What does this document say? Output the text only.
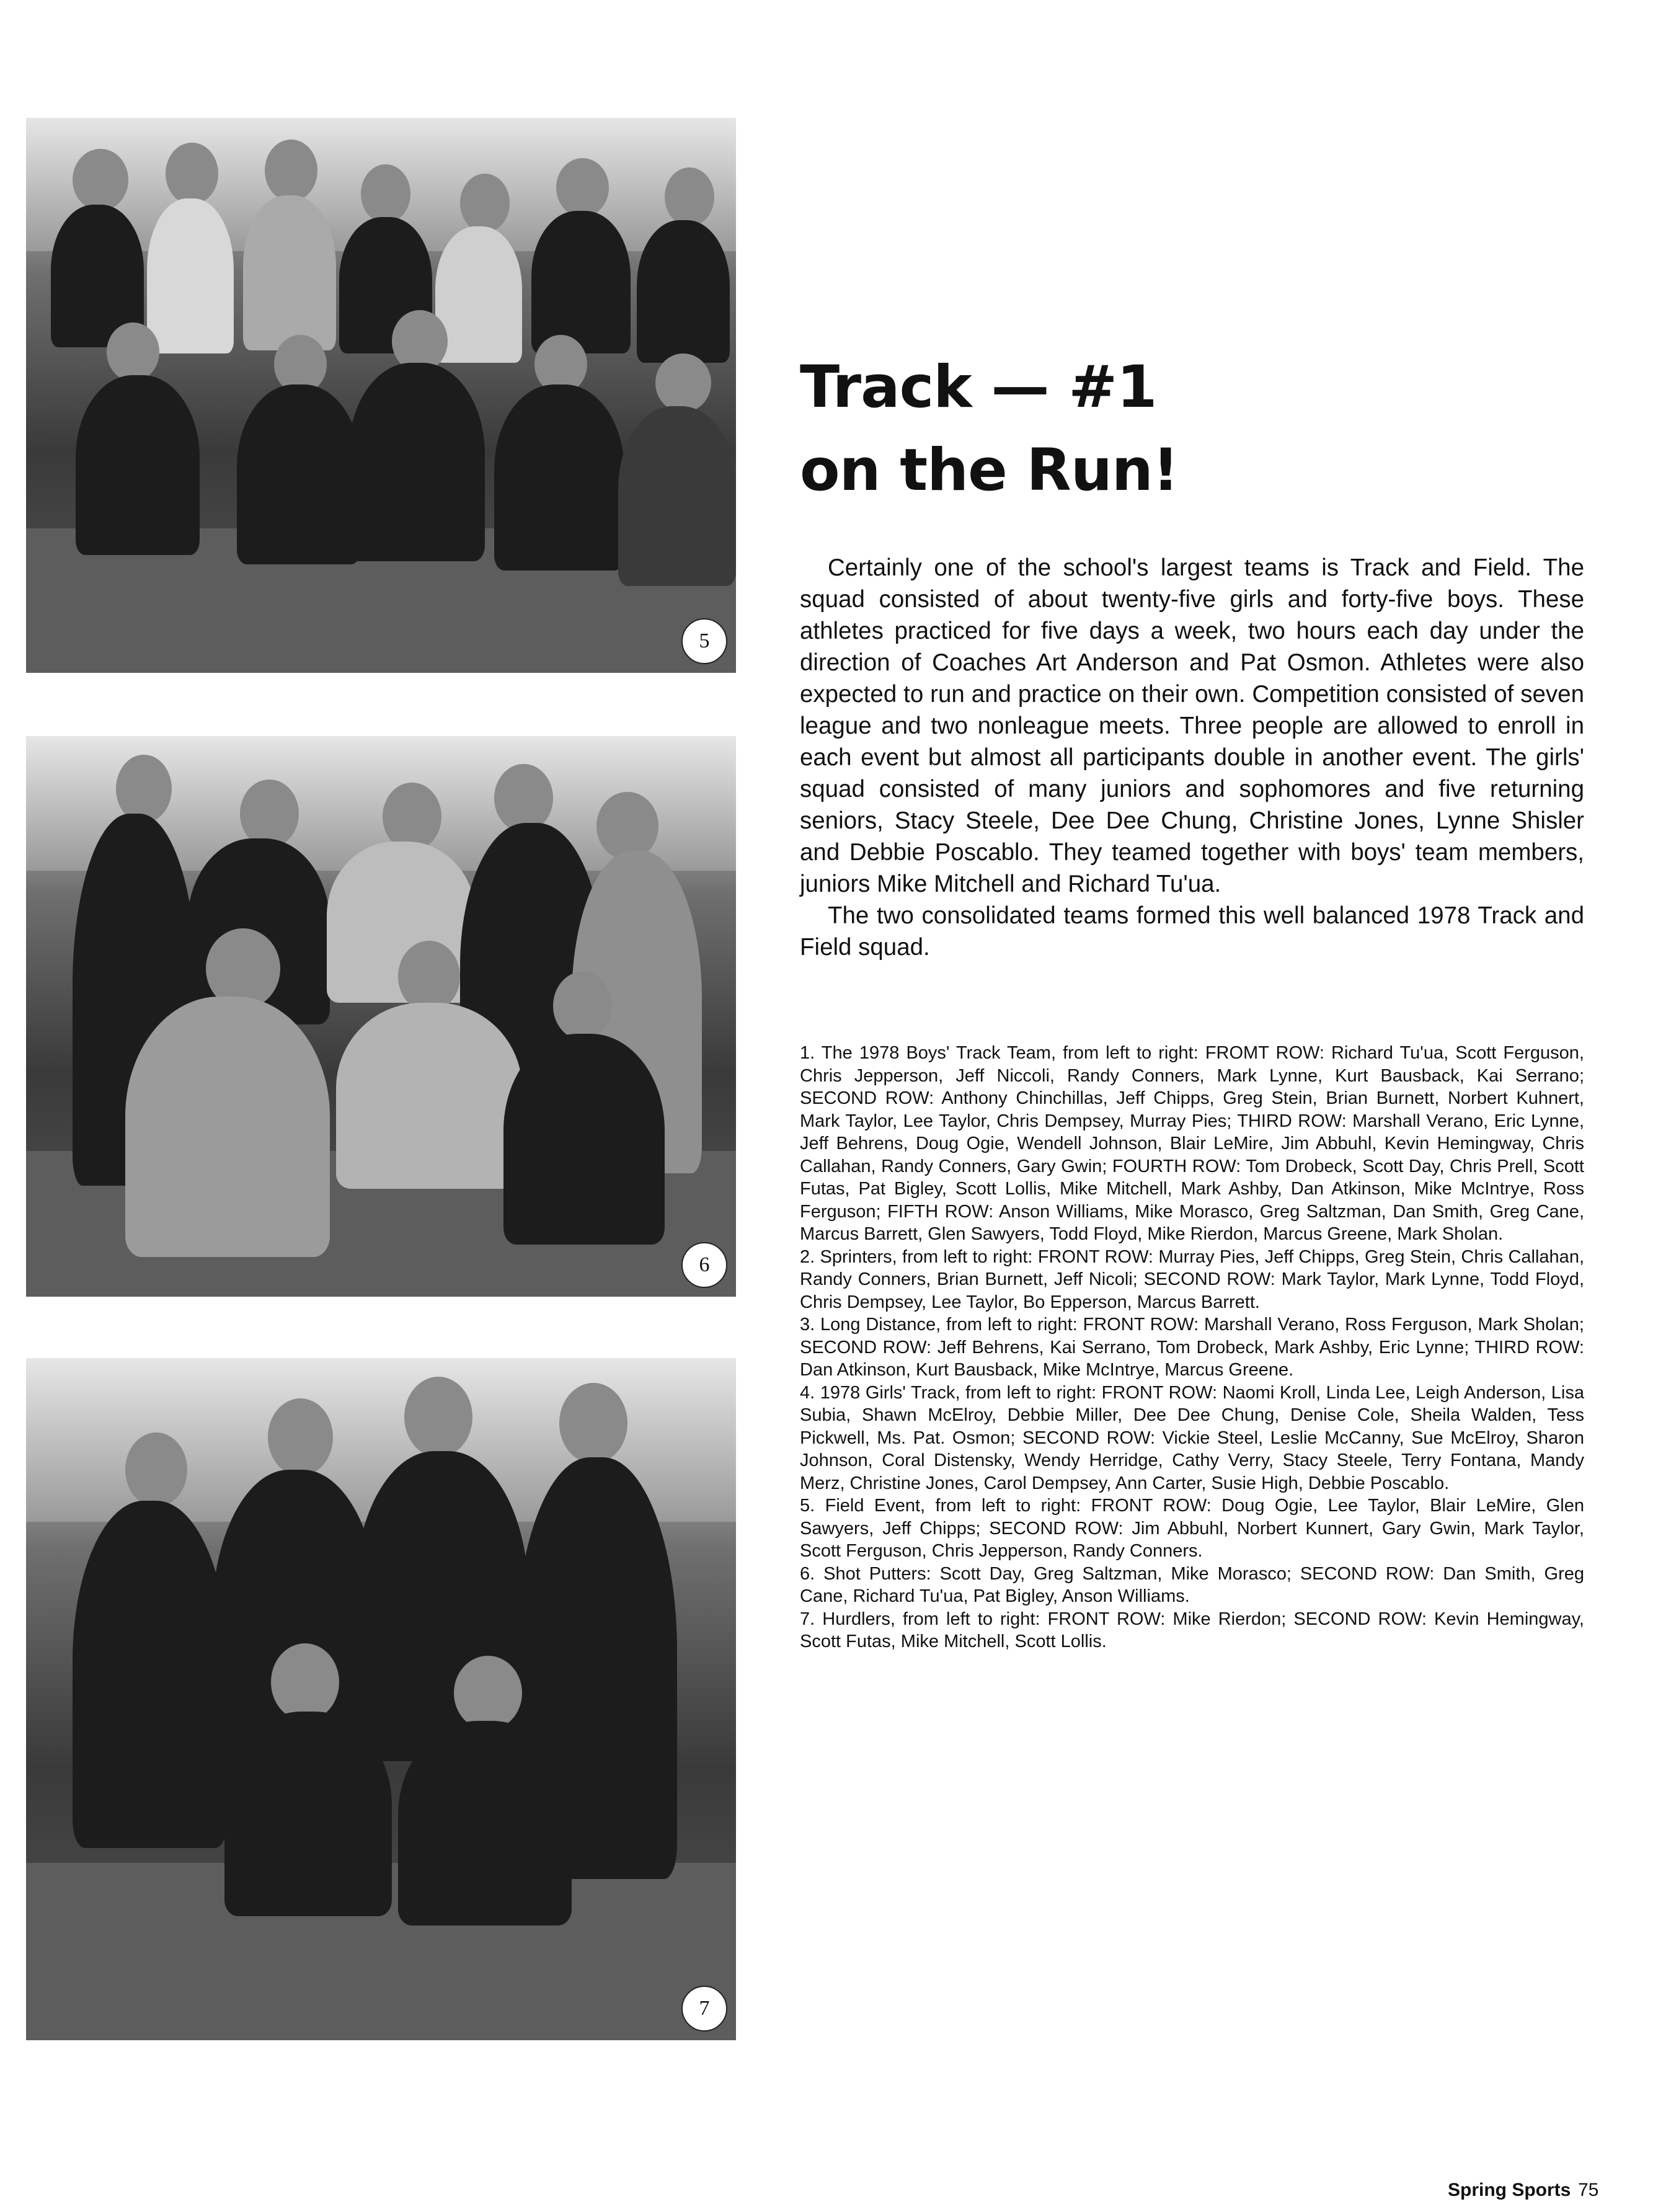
5
6
7
Track — #1
on the Run!

Certainly one of the school's largest teams is Track and Field. The squad consisted of about twenty-five girls and forty-five boys. These athletes practiced for five days a week, two hours each day under the direction of Coaches Art Anderson and Pat Osmon. Athletes were also expected to run and practice on their own. Competition consisted of seven league and two nonleague meets. Three people are allowed to enroll in each event but almost all participants double in another event. The girls' squad consisted of many juniors and sophomores and five returning seniors, Stacy Steele, Dee Dee Chung, Christine Jones, Lynne Shisler and Debbie Poscablo. They teamed together with boys' team members, juniors Mike Mitchell and Richard Tu'ua.

The two consolidated teams formed this well balanced 1978 Track and Field squad.

1. The 1978 Boys' Track Team, from left to right: FROMT ROW: Richard Tu'ua, Scott Ferguson, Chris Jepperson, Jeff Niccoli, Randy Conners, Mark Lynne, Kurt Bausback, Kai Serrano; SECOND ROW: Anthony Chinchillas, Jeff Chipps, Greg Stein, Brian Burnett, Norbert Kuhnert, Mark Taylor, Lee Taylor, Chris Dempsey, Murray Pies; THIRD ROW: Marshall Verano, Eric Lynne, Jeff Behrens, Doug Ogie, Wendell Johnson, Blair LeMire, Jim Abbuhl, Kevin Hemingway, Chris Callahan, Randy Conners, Gary Gwin; FOURTH ROW: Tom Drobeck, Scott Day, Chris Prell, Scott Futas, Pat Bigley, Scott Lollis, Mike Mitchell, Mark Ashby, Dan Atkinson, Mike McIntrye, Ross Ferguson; FIFTH ROW: Anson Williams, Mike Morasco, Greg Saltzman, Dan Smith, Greg Cane, Marcus Barrett, Glen Sawyers, Todd Floyd, Mike Rierdon, Marcus Greene, Mark Sholan.

2. Sprinters, from left to right: FRONT ROW: Murray Pies, Jeff Chipps, Greg Stein, Chris Callahan, Randy Conners, Brian Burnett, Jeff Nicoli; SECOND ROW: Mark Taylor, Mark Lynne, Todd Floyd, Chris Dempsey, Lee Taylor, Bo Epperson, Marcus Barrett.

3. Long Distance, from left to right: FRONT ROW: Marshall Verano, Ross Ferguson, Mark Sholan; SECOND ROW: Jeff Behrens, Kai Serrano, Tom Drobeck, Mark Ashby, Eric Lynne; THIRD ROW: Dan Atkinson, Kurt Bausback, Mike McIntrye, Marcus Greene.

4. 1978 Girls' Track, from left to right: FRONT ROW: Naomi Kroll, Linda Lee, Leigh Anderson, Lisa Subia, Shawn McElroy, Debbie Miller, Dee Dee Chung, Denise Cole, Sheila Walden, Tess Pickwell, Ms. Pat. Osmon; SECOND ROW: Vickie Steel, Leslie McCanny, Sue McElroy, Sharon Johnson, Coral Distensky, Wendy Herridge, Cathy Verry, Stacy Steele, Terry Fontana, Mandy Merz, Christine Jones, Carol Dempsey, Ann Carter, Susie High, Debbie Poscablo.

5. Field Event, from left to right: FRONT ROW: Doug Ogie, Lee Taylor, Blair LeMire, Glen Sawyers, Jeff Chipps; SECOND ROW: Jim Abbuhl, Norbert Kunnert, Gary Gwin, Mark Taylor, Scott Ferguson, Chris Jepperson, Randy Conners.

6. Shot Putters: Scott Day, Greg Saltzman, Mike Morasco; SECOND ROW: Dan Smith, Greg Cane, Richard Tu'ua, Pat Bigley, Anson Williams.

7. Hurdlers, from left to right: FRONT ROW: Mike Rierdon; SECOND ROW: Kevin Hemingway, Scott Futas, Mike Mitchell, Scott Lollis.

Spring Sports 75
